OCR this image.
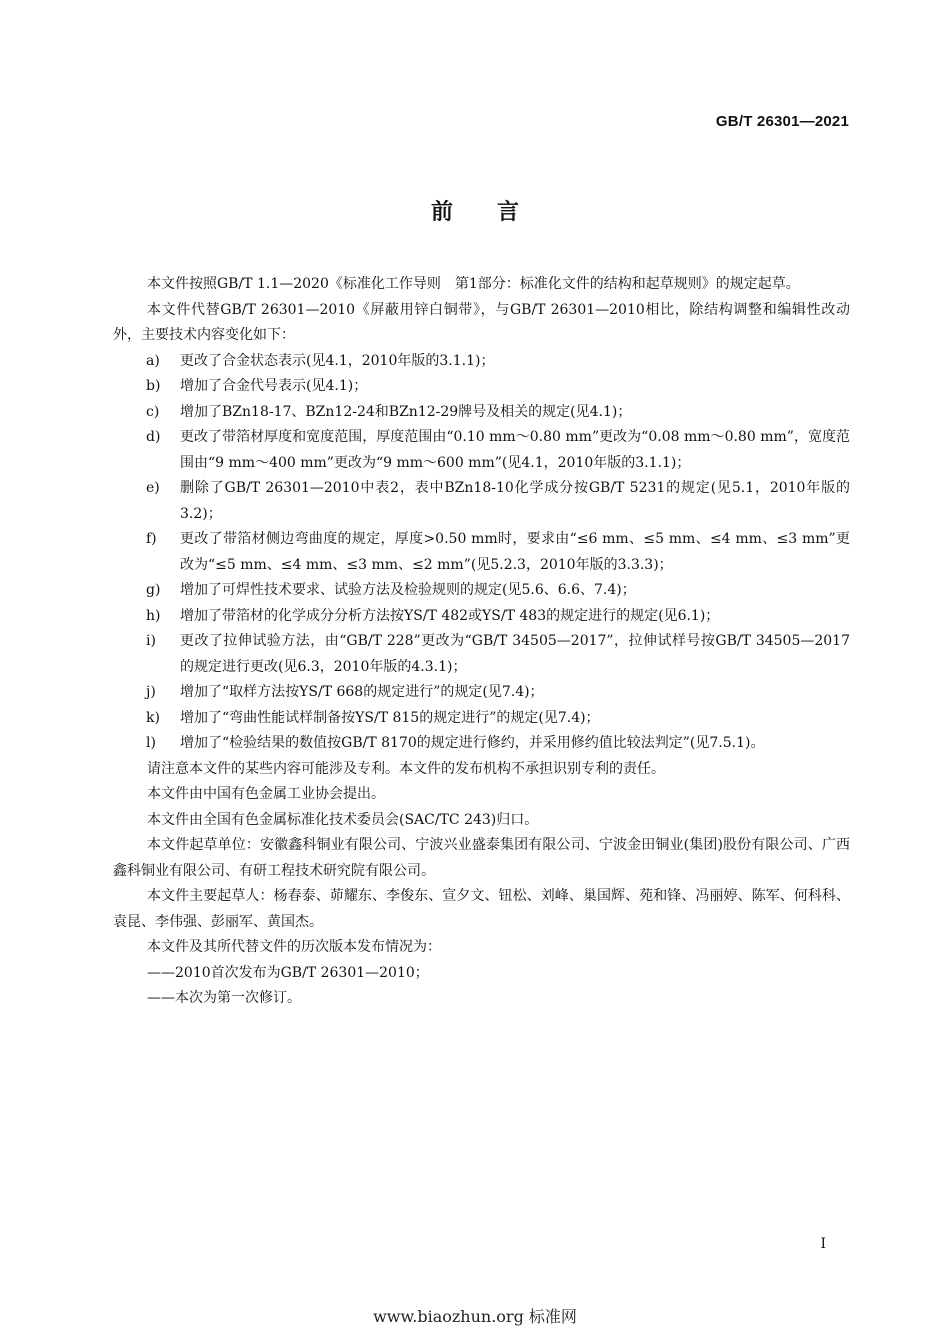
GB/T 26301—2021
前言

本文件按照GB/T 1.1—2020《标准化工作导则　第1部分：标准化文件的结构和起草规则》的规定起草。

本文件代替GB/T 26301—2010《屏蔽用锌白铜带》，与GB/T 26301—2010相比，除结构调整和编辑性改动外，主要技术内容变化如下：

a) 更改了合金状态表示(见4.1，2010年版的3.1.1)；
b) 增加了合金代号表示(见4.1)；
c) 增加了BZn18-17、BZn12-24和BZn12-29牌号及相关的规定(见4.1)；
d) 更改了带箔材厚度和宽度范围，厚度范围由“0.10 mm～0.80 mm”更改为“0.08 mm～0.80 mm”，宽度范围由“9 mm～400 mm”更改为“9 mm～600 mm”(见4.1，2010年版的3.1.1)；
e) 删除了GB/T 26301—2010中表2，表中BZn18-10化学成分按GB/T 5231的规定(见5.1，2010年版的3.2)；
f) 更改了带箔材侧边弯曲度的规定，厚度>0.50 mm时，要求由“≤6 mm、≤5 mm、≤4 mm、≤3 mm”更改为“≤5 mm、≤4 mm、≤3 mm、≤2 mm”(见5.2.3，2010年版的3.3.3)；
g) 增加了可焊性技术要求、试验方法及检验规则的规定(见5.6、6.6、7.4)；
h) 增加了带箔材的化学成分分析方法按YS/T 482或YS/T 483的规定进行的规定(见6.1)；
i) 更改了拉伸试验方法，由“GB/T 228”更改为“GB/T 34505—2017”，拉伸试样号按GB/T 34505—2017的规定进行更改(见6.3，2010年版的4.3.1)；
j) 增加了“取样方法按YS/T 668的规定进行”的规定(见7.4)；
k) 增加了“弯曲性能试样制备按YS/T 815的规定进行”的规定(见7.4)；
l) 增加了“检验结果的数值按GB/T 8170的规定进行修约，并采用修约值比较法判定”(见7.5.1)。

请注意本文件的某些内容可能涉及专利。本文件的发布机构不承担识别专利的责任。

本文件由中国有色金属工业协会提出。

本文件由全国有色金属标准化技术委员会(SAC/TC 243)归口。

本文件起草单位：安徽鑫科铜业有限公司、宁波兴业盛泰集团有限公司、宁波金田铜业(集团)股份有限公司、广西鑫科铜业有限公司、有研工程技术研究院有限公司。

本文件主要起草人：杨春泰、茆耀东、李俊东、宣夕文、钮松、刘峰、巢国辉、苑和锋、冯丽婷、陈军、何科科、袁昆、李伟强、彭丽军、黄国杰。

本文件及其所代替文件的历次版本发布情况为：

——2010首次发布为GB/T 26301—2010；

——本次为第一次修订。

I
www.biaozhun.org 标准网
